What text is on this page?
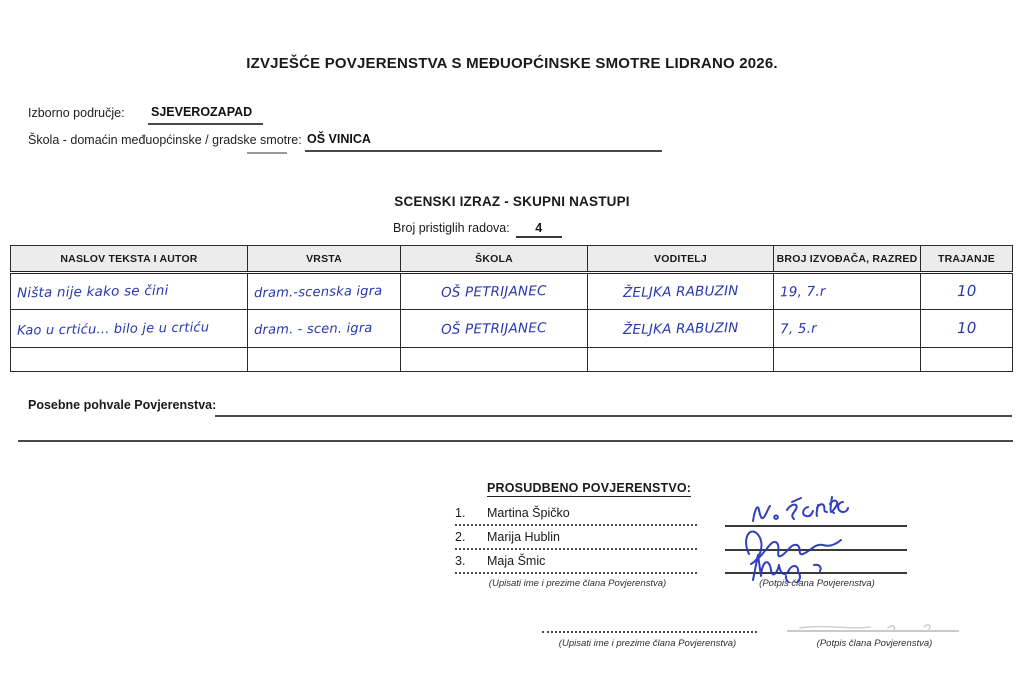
IZVJEŠĆE POVJERENSTVA S MEĐUOPĆINSKE SMOTRE LIDRANO 2026.
Izborno područje: SJEVEROZAPAD
Škola - domaćin međuopćinske / gradske smotre: OŠ VINICA
SCENSKI IZRAZ - SKUPNI NASTUPI
Broj pristiglih radova:	4
NASLOV TEKSTA I AUTOR	VRSTA	ŠKOLA	VODITELJ	BROJ IZVOĐAČA, RAZRED	TRAJANJE
Ništa nije kako se čini	dram.-scenska igra	OŠ PETRIJANEC	ŽELJKA RABUZIN	19, 7.r	10
Kao u crtiću... bilo je u crtiću	dram. - scen. igra	OŠ PETRIJANEC	ŽELJKA RABUZIN	7, 5.r	10

Posebne pohvale Povjerenstva:
PROSUDBENO POVJERENSTVO:
1. Martina Špičko
2. Marija Hublin
3. Maja Šmic
(Upisati ime i prezime člana Povjerenstva)	(Potpis člana Povjerenstva)
(Upisati ime i prezime člana Povjerenstva)	(Potpis člana Povjerenstva)
